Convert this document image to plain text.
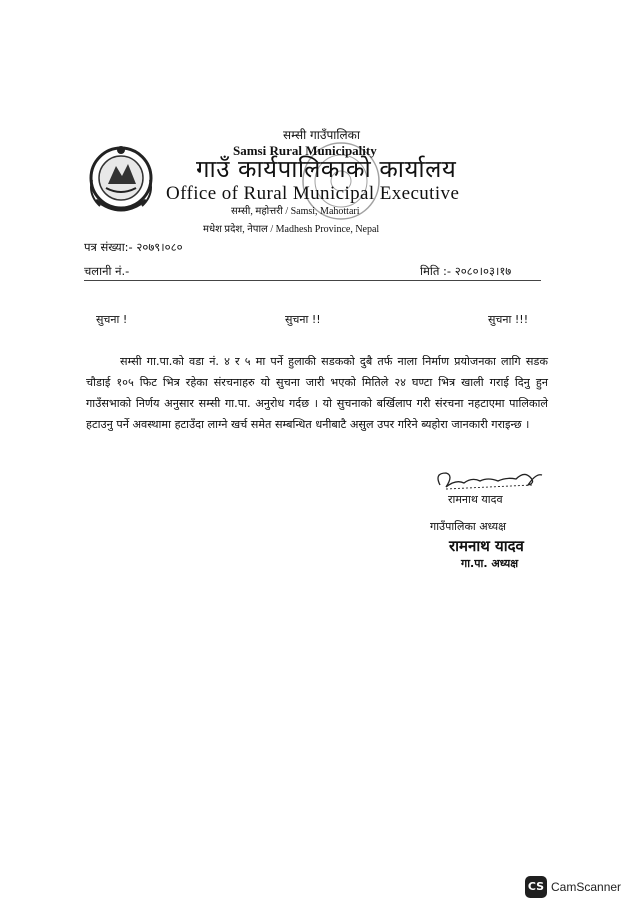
सम्सी गाउँपालिका
Samsi Rural Municipality
गाउँ कार्यपालिकाको कार्यालय
Office of Rural Municipal Executive
सम्सी, महोत्तरी / Samsi, Mahottari
मधेश प्रदेश, नेपाल / Madhesh Province, Nepal
पत्र संख्या:- २०७९।०८०
चलानी नं.-	मिति :- २०८०।०३।१७
सुचना !	सुचना !!	सुचना !!!
सम्सी गा.पा.को वडा नं. ४ र ५ मा पर्ने हुलाकी सडकको दुबै तर्फ नाला निर्माण प्रयोजनका लागि सडक चौडाई १०५ फिट भित्र रहेका संरचनाहरु यो सुचना जारी भएको मितिले २४ घण्टा भित्र खाली गराई दिनु हुन गाउँसभाको निर्णय अनुसार सम्सी गा.पा. अनुरोध गर्दछ । यो सुचनाको बर्खिलाप गरी संरचना नहटाएमा पालिकाले हटाउनु पर्ने अवस्थामा हटाउँदा लाग्ने खर्च समेत सम्बन्धित धनीबाटै असुल उपर गरिने ब्यहोरा जानकारी गराइन्छ ।
रामनाथ यादव
गाउँपालिका अध्यक्ष
रामनाथ यादव
गा.पा. अध्यक्ष
CS CamScanner
